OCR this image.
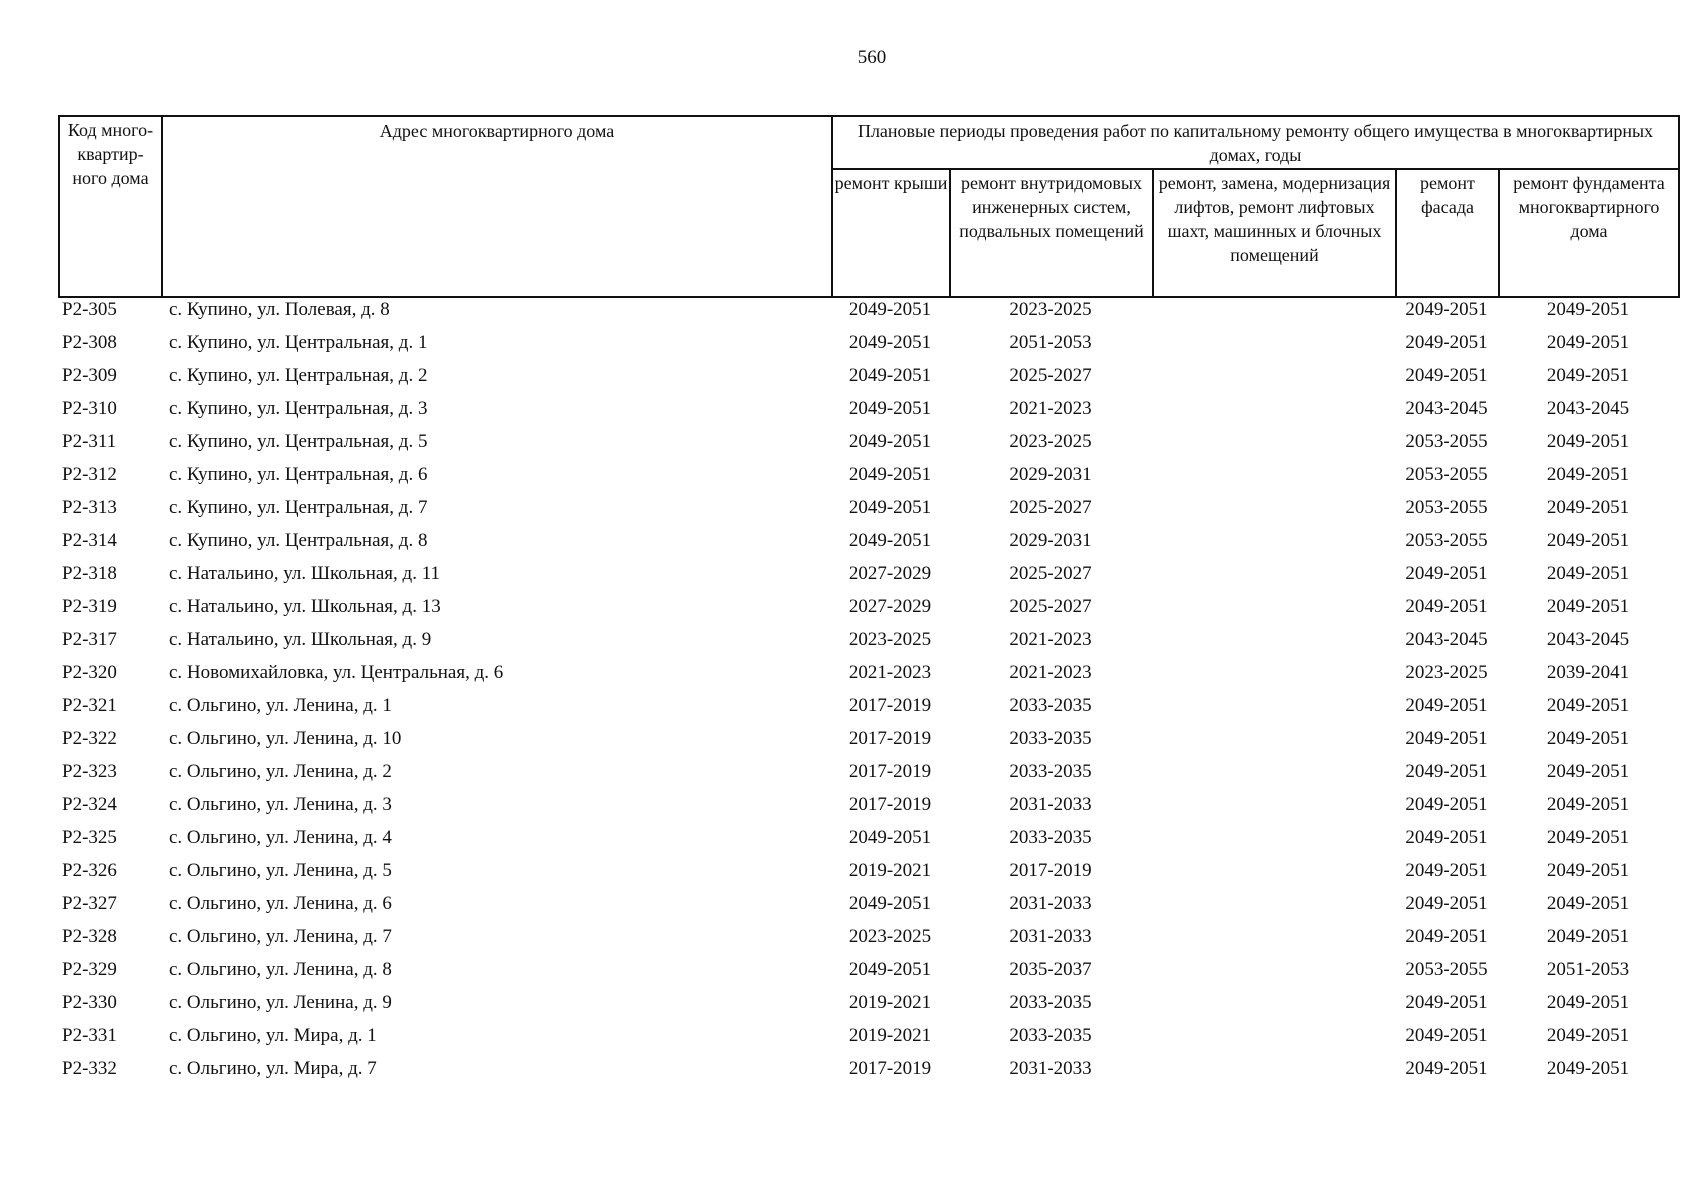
560
Код много-квартир-ного дома	Адрес многоквартирного дома	Плановые периоды проведения работ по капитальному ремонту общего имущества в многоквартирных домах, годы				
		ремонт крыши	ремонт внутридомовых инженерных систем, подвальных помещений	ремонт, замена, модернизация лифтов, ремонт лифтовых шахт, машинных и блочных помещений	ремонт фасада	ремонт фундамента многоквартирного дома
Р2-305	с. Купино, ул. Полевая, д. 8	2049-2051	2023-2025		2049-2051	2049-2051
Р2-308	с. Купино, ул. Центральная, д. 1	2049-2051	2051-2053		2049-2051	2049-2051
Р2-309	с. Купино, ул. Центральная, д. 2	2049-2051	2025-2027		2049-2051	2049-2051
Р2-310	с. Купино, ул. Центральная, д. 3	2049-2051	2021-2023		2043-2045	2043-2045
Р2-311	с. Купино, ул. Центральная, д. 5	2049-2051	2023-2025		2053-2055	2049-2051
Р2-312	с. Купино, ул. Центральная, д. 6	2049-2051	2029-2031		2053-2055	2049-2051
Р2-313	с. Купино, ул. Центральная, д. 7	2049-2051	2025-2027		2053-2055	2049-2051
Р2-314	с. Купино, ул. Центральная, д. 8	2049-2051	2029-2031		2053-2055	2049-2051
Р2-318	с. Натальино, ул. Школьная, д. 11	2027-2029	2025-2027		2049-2051	2049-2051
Р2-319	с. Натальино, ул. Школьная, д. 13	2027-2029	2025-2027		2049-2051	2049-2051
Р2-317	с. Натальино, ул. Школьная, д. 9	2023-2025	2021-2023		2043-2045	2043-2045
Р2-320	с. Новомихайловка, ул. Центральная, д. 6	2021-2023	2021-2023		2023-2025	2039-2041
Р2-321	с. Ольгино, ул. Ленина, д. 1	2017-2019	2033-2035		2049-2051	2049-2051
Р2-322	с. Ольгино, ул. Ленина, д. 10	2017-2019	2033-2035		2049-2051	2049-2051
Р2-323	с. Ольгино, ул. Ленина, д. 2	2017-2019	2033-2035		2049-2051	2049-2051
Р2-324	с. Ольгино, ул. Ленина, д. 3	2017-2019	2031-2033		2049-2051	2049-2051
Р2-325	с. Ольгино, ул. Ленина, д. 4	2049-2051	2033-2035		2049-2051	2049-2051
Р2-326	с. Ольгино, ул. Ленина, д. 5	2019-2021	2017-2019		2049-2051	2049-2051
Р2-327	с. Ольгино, ул. Ленина, д. 6	2049-2051	2031-2033		2049-2051	2049-2051
Р2-328	с. Ольгино, ул. Ленина, д. 7	2023-2025	2031-2033		2049-2051	2049-2051
Р2-329	с. Ольгино, ул. Ленина, д. 8	2049-2051	2035-2037		2053-2055	2051-2053
Р2-330	с. Ольгино, ул. Ленина, д. 9	2019-2021	2033-2035		2049-2051	2049-2051
Р2-331	с. Ольгино, ул. Мира, д. 1	2019-2021	2033-2035		2049-2051	2049-2051
Р2-332	с. Ольгино, ул. Мира, д. 7	2017-2019	2031-2033		2049-2051	2049-2051
